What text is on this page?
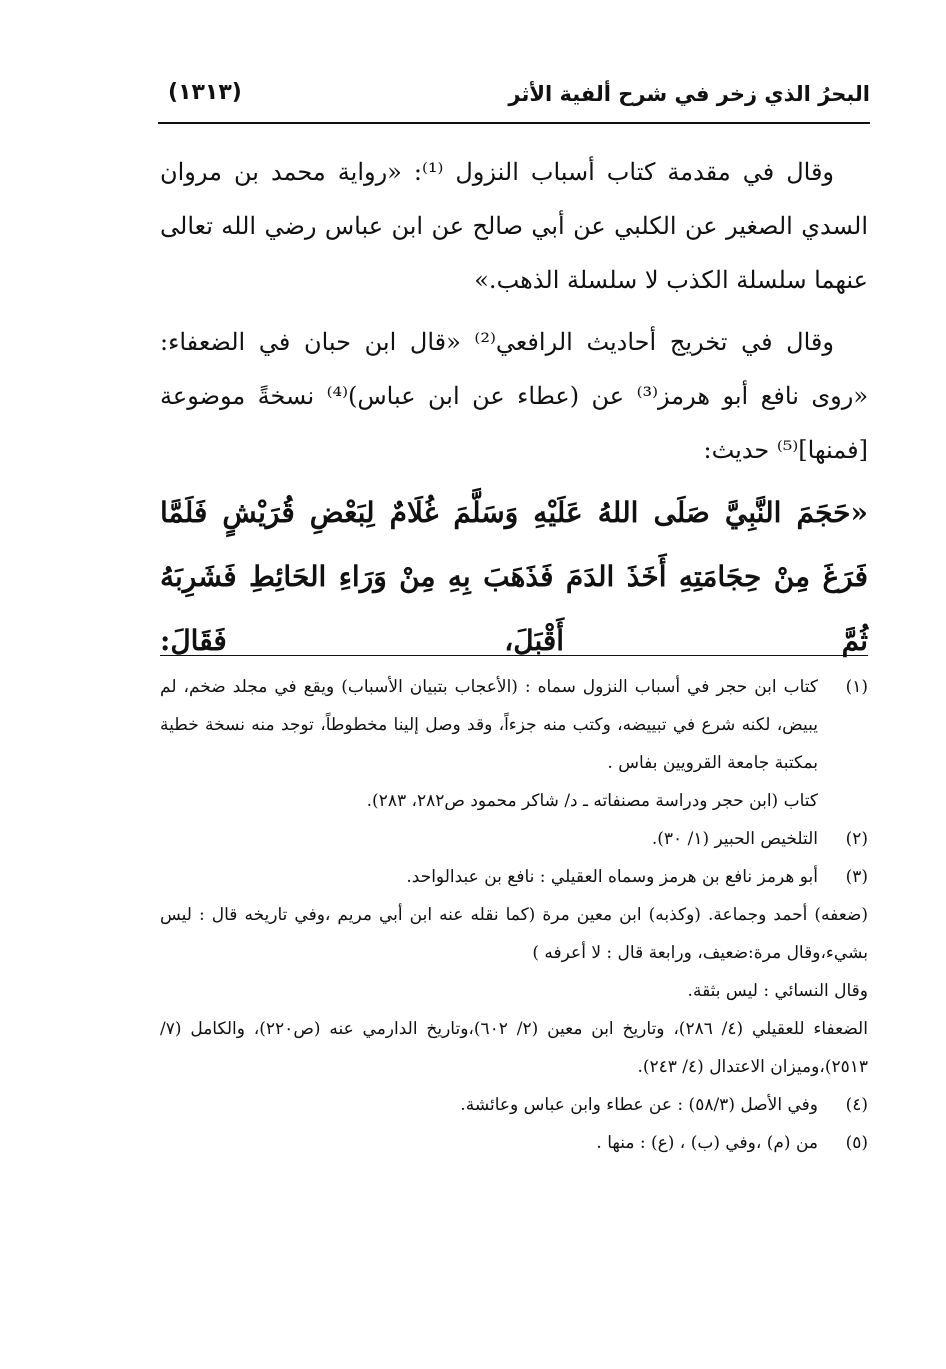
البحرُ الذي زخر في شرح ألفية الأثر
(١٣١٣)

وقال في مقدمة كتاب أسباب النزول ⁽¹⁾: «رواية محمد بن مروان السدي الصغير عن الكلبي عن أبي صالح عن ابن عباس رضي الله تعالى عنهما سلسلة الكذب لا سلسلة الذهب.»

وقال في تخريج أحاديث الرافعي⁽²⁾ «قال ابن حبان في الضعفاء: «روى نافع أبو هرمز⁽³⁾ عن (عطاء عن ابن عباس)⁽⁴⁾ نسخةً موضوعة [فمنها]⁽⁵⁾ حديث:

«حَجَمَ النَّبِيَّ صَلَى اللهُ عَلَيْهِ وَسَلَّمَ غُلَامٌ لِبَعْضِ قُرَيْشٍ فَلَمَّا فَرَغَ مِنْ حِجَامَتِهِ أَخَذَ الدَمَ فَذَهَبَ بِهِ مِنْ وَرَاءِ الحَائِطِ فَشَرِبَهُ ثُمَّ أَقْبَلَ، فَقَالَ:

(١)
كتاب ابن حجر في أسباب النزول سماه : (الأعجاب بتبيان الأسباب) ويقع في مجلد ضخم، لم يبيض، لكنه شرع في تبييضه، وكتب منه جزءاً، وقد وصل إلينا مخطوطاً، توجد منه نسخة خطية بمكتبة جامعة القرويين بفاس .
كتاب (ابن حجر ودراسة مصنفاته ـ د/ شاكر محمود ص٢٨٢، ٢٨٣).
(٢)
التلخيص الحبير (١/ ٣٠).
(٣)
أبو هرمز نافع بن هرمز وسماه العقيلي : نافع بن عبدالواحد.
(ضعفه) أحمد وجماعة. (وكذبه) ابن معين مرة (كما نقله عنه ابن أبي مريم ،وفي تاريخه قال : ليس بشيء،وقال مرة:ضعيف، ورابعة قال : لا أعرفه )
وقال النسائي : ليس بثقة.
الضعفاء للعقيلي (٤/ ٢٨٦)، وتاريخ ابن معين (٢/ ٦٠٢)،وتاريخ الدارمي عنه (ص٢٢٠)، والكامل (٧/ ٢٥١٣)،وميزان الاعتدال (٤/ ٢٤٣).
(٤)
وفي الأصل (٥٨/٣) : عن عطاء وابن عباس وعائشة.
(٥)
من (م) ،وفي (ب) ، (ع) : منها .
